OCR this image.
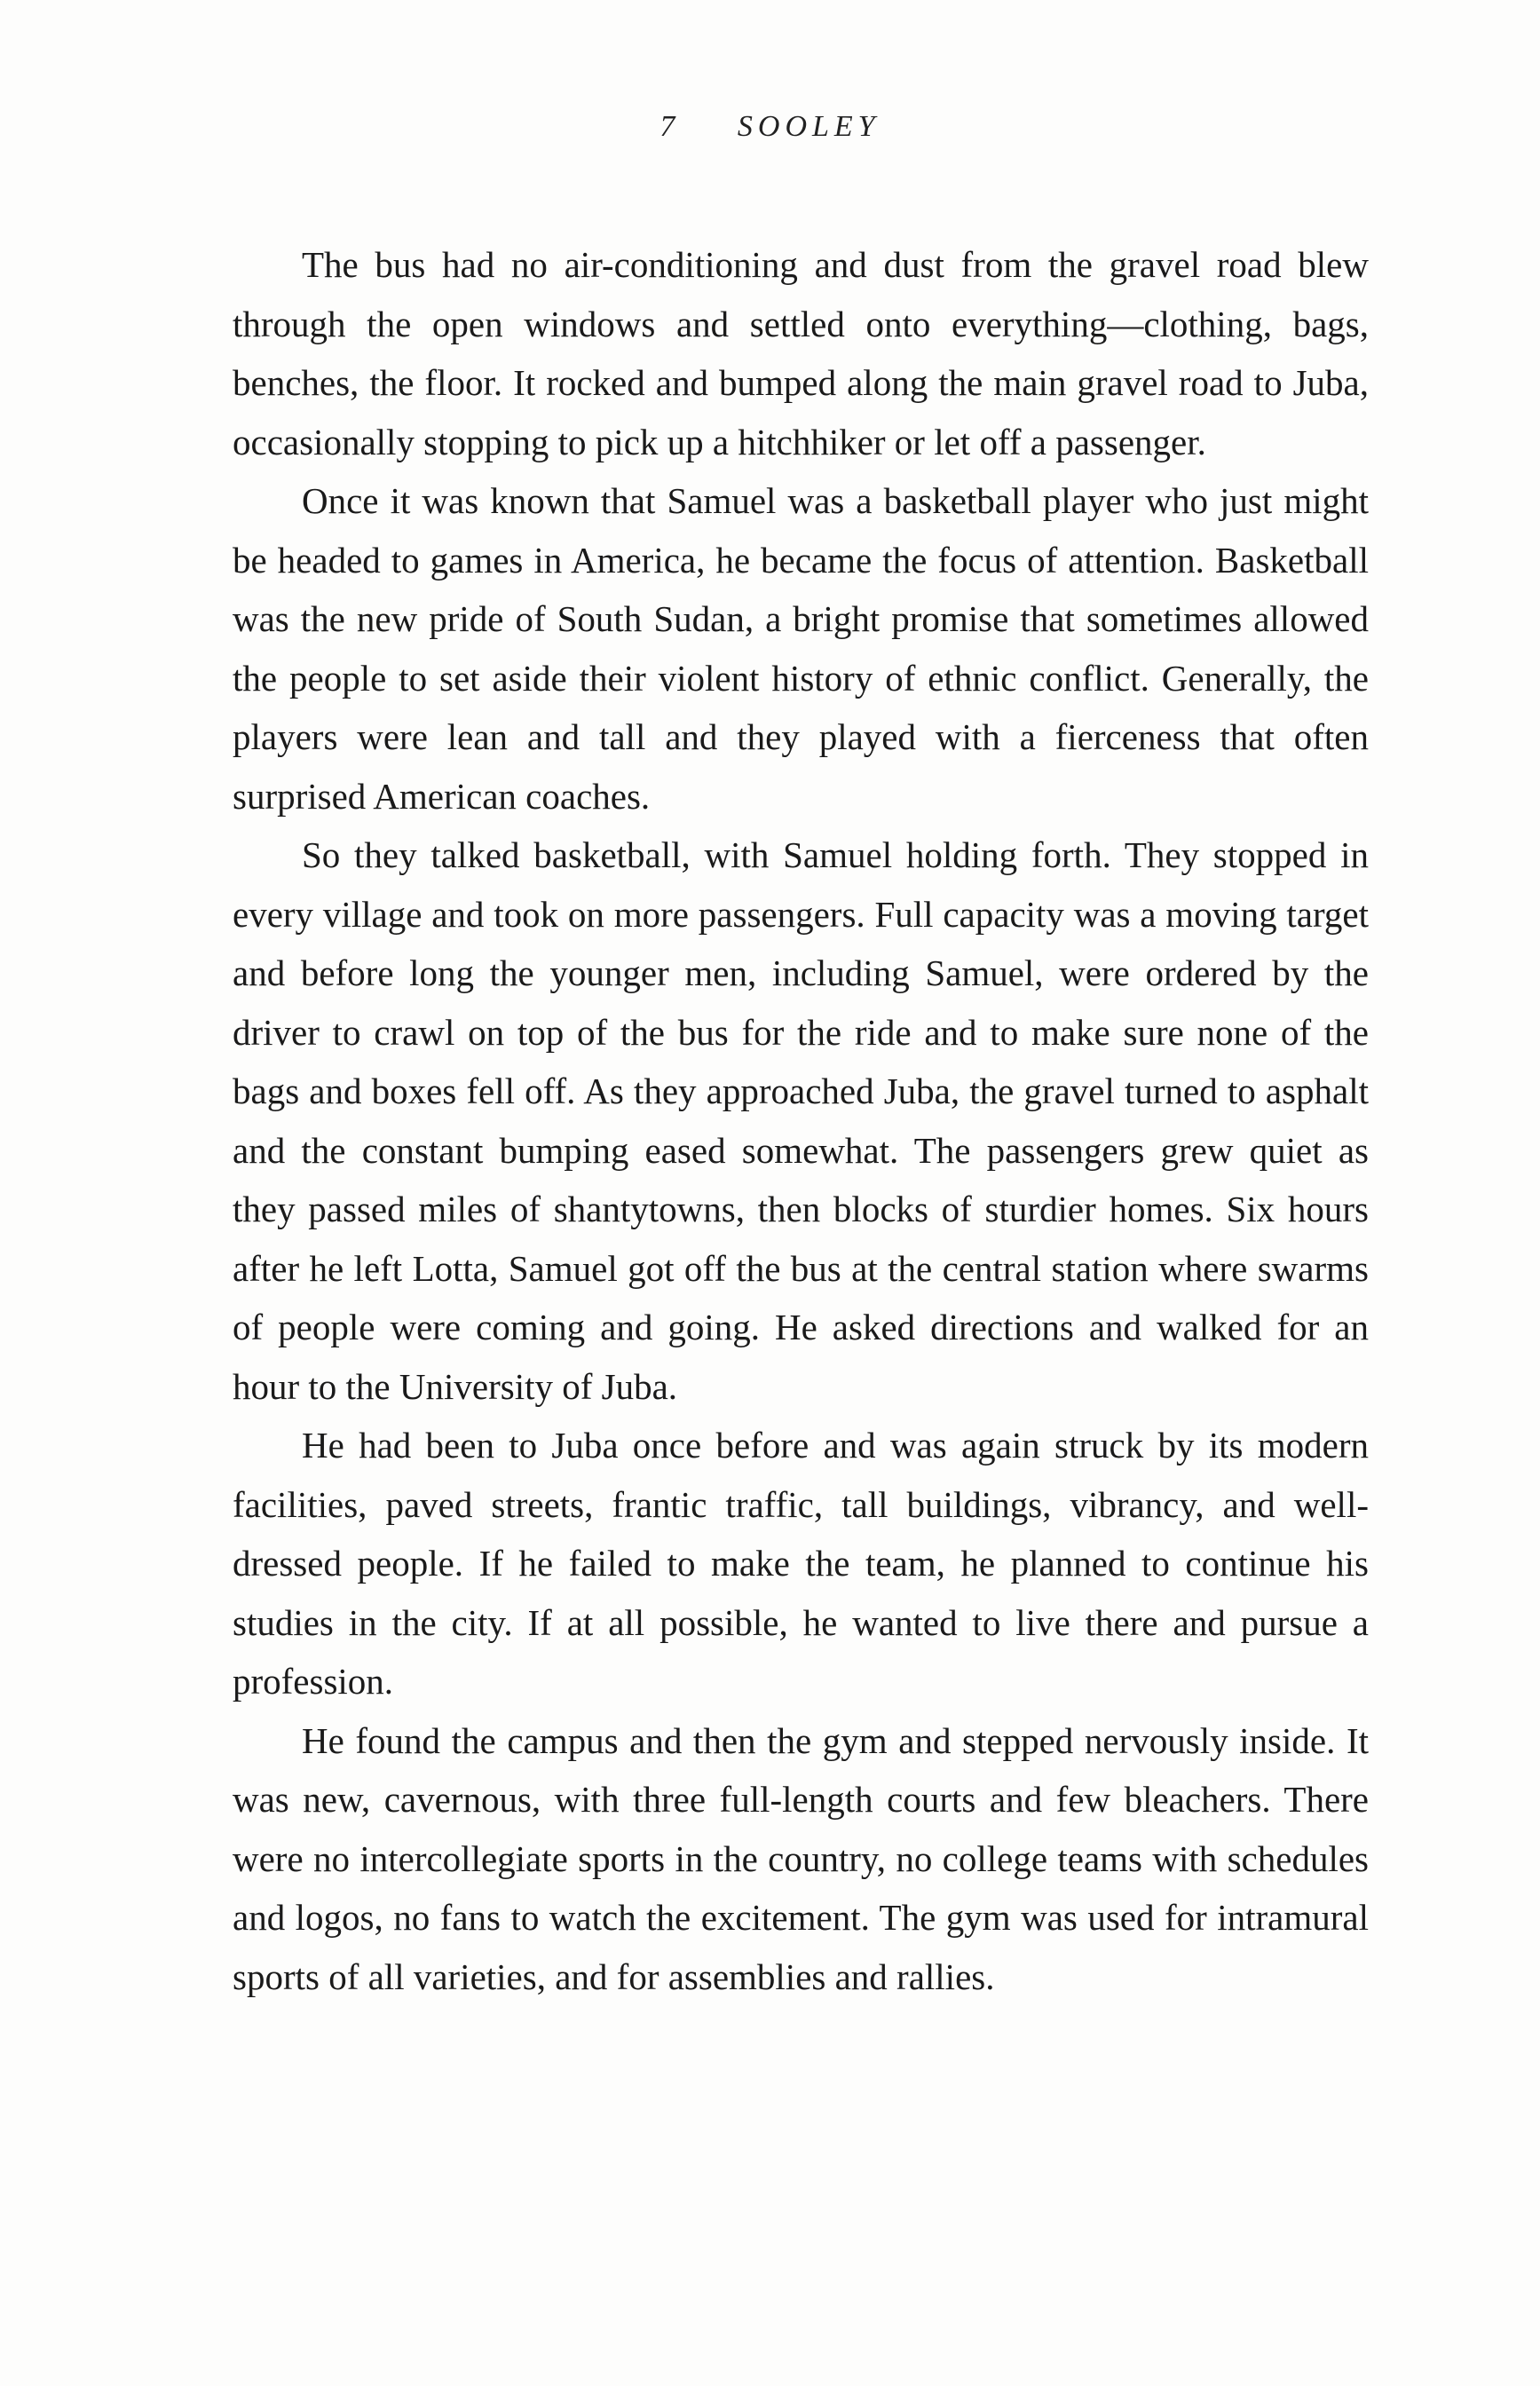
7 SOOLEY

The bus had no air-conditioning and dust from the gravel road blew through the open windows and settled onto everything—clothing, bags, benches, the floor. It rocked and bumped along the main gravel road to Juba, occasionally stopping to pick up a hitchhiker or let off a passenger.

Once it was known that Samuel was a basketball player who just might be headed to games in America, he became the focus of attention. Basketball was the new pride of South Sudan, a bright promise that sometimes allowed the people to set aside their violent history of ethnic conflict. Generally, the players were lean and tall and they played with a fierceness that often surprised American coaches.

So they talked basketball, with Samuel holding forth. They stopped in every village and took on more passengers. Full capacity was a moving target and before long the younger men, including Samuel, were ordered by the driver to crawl on top of the bus for the ride and to make sure none of the bags and boxes fell off. As they approached Juba, the gravel turned to asphalt and the constant bumping eased somewhat. The passengers grew quiet as they passed miles of shantytowns, then blocks of sturdier homes. Six hours after he left Lotta, Samuel got off the bus at the central station where swarms of people were coming and going. He asked directions and walked for an hour to the University of Juba.

He had been to Juba once before and was again struck by its modern facilities, paved streets, frantic traffic, tall buildings, vibrancy, and well-dressed people. If he failed to make the team, he planned to continue his studies in the city. If at all possible, he wanted to live there and pursue a profession.

He found the campus and then the gym and stepped nervously inside. It was new, cavernous, with three full-length courts and few bleachers. There were no intercollegiate sports in the country, no college teams with schedules and logos, no fans to watch the excitement. The gym was used for intramural sports of all varieties, and for assemblies and rallies.
